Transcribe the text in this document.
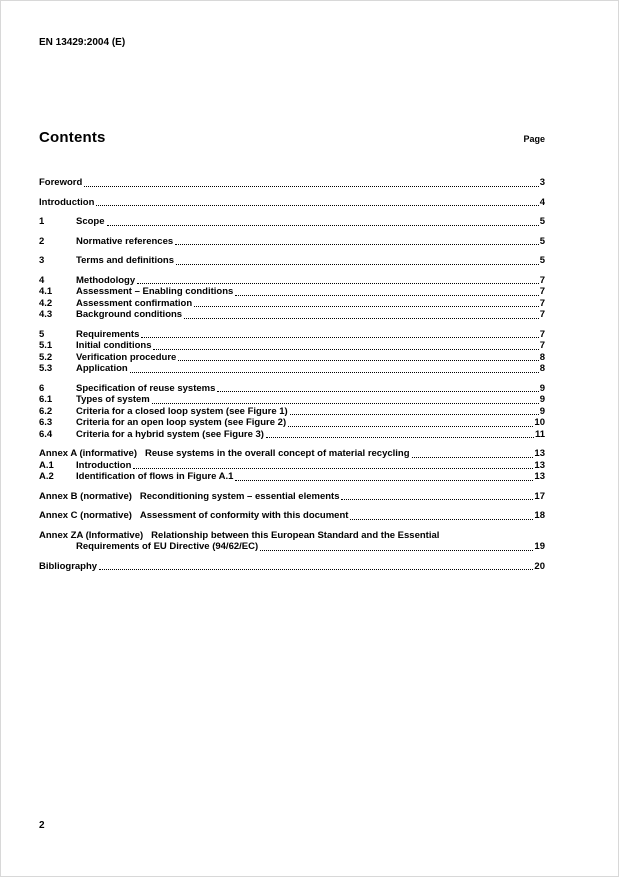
EN 13429:2004 (E)
Contents	Page
Foreword	3
Introduction	4
1	Scope	5
2	Normative references	5
3	Terms and definitions	5
4	Methodology	7
4.1	Assessment – Enabling conditions	7
4.2	Assessment confirmation	7
4.3	Background conditions	7
5	Requirements	7
5.1	Initial conditions	7
5.2	Verification procedure	8
5.3	Application	8
6	Specification of reuse systems	9
6.1	Types of system	9
6.2	Criteria for a closed loop system (see Figure 1)	9
6.3	Criteria for an open loop system (see Figure 2)	10
6.4	Criteria for a hybrid system (see Figure 3)	11
Annex A (informative) Reuse systems in the overall concept of material recycling	13
A.1	Introduction	13
A.2	Identification of flows in Figure A.1	13
Annex B (normative) Reconditioning system – essential elements	17
Annex C (normative) Assessment of conformity with this document	18
Annex ZA (Informative) Relationship between this European Standard and the Essential
Requirements of EU Directive (94/62/EC)	19
Bibliography	20
2
